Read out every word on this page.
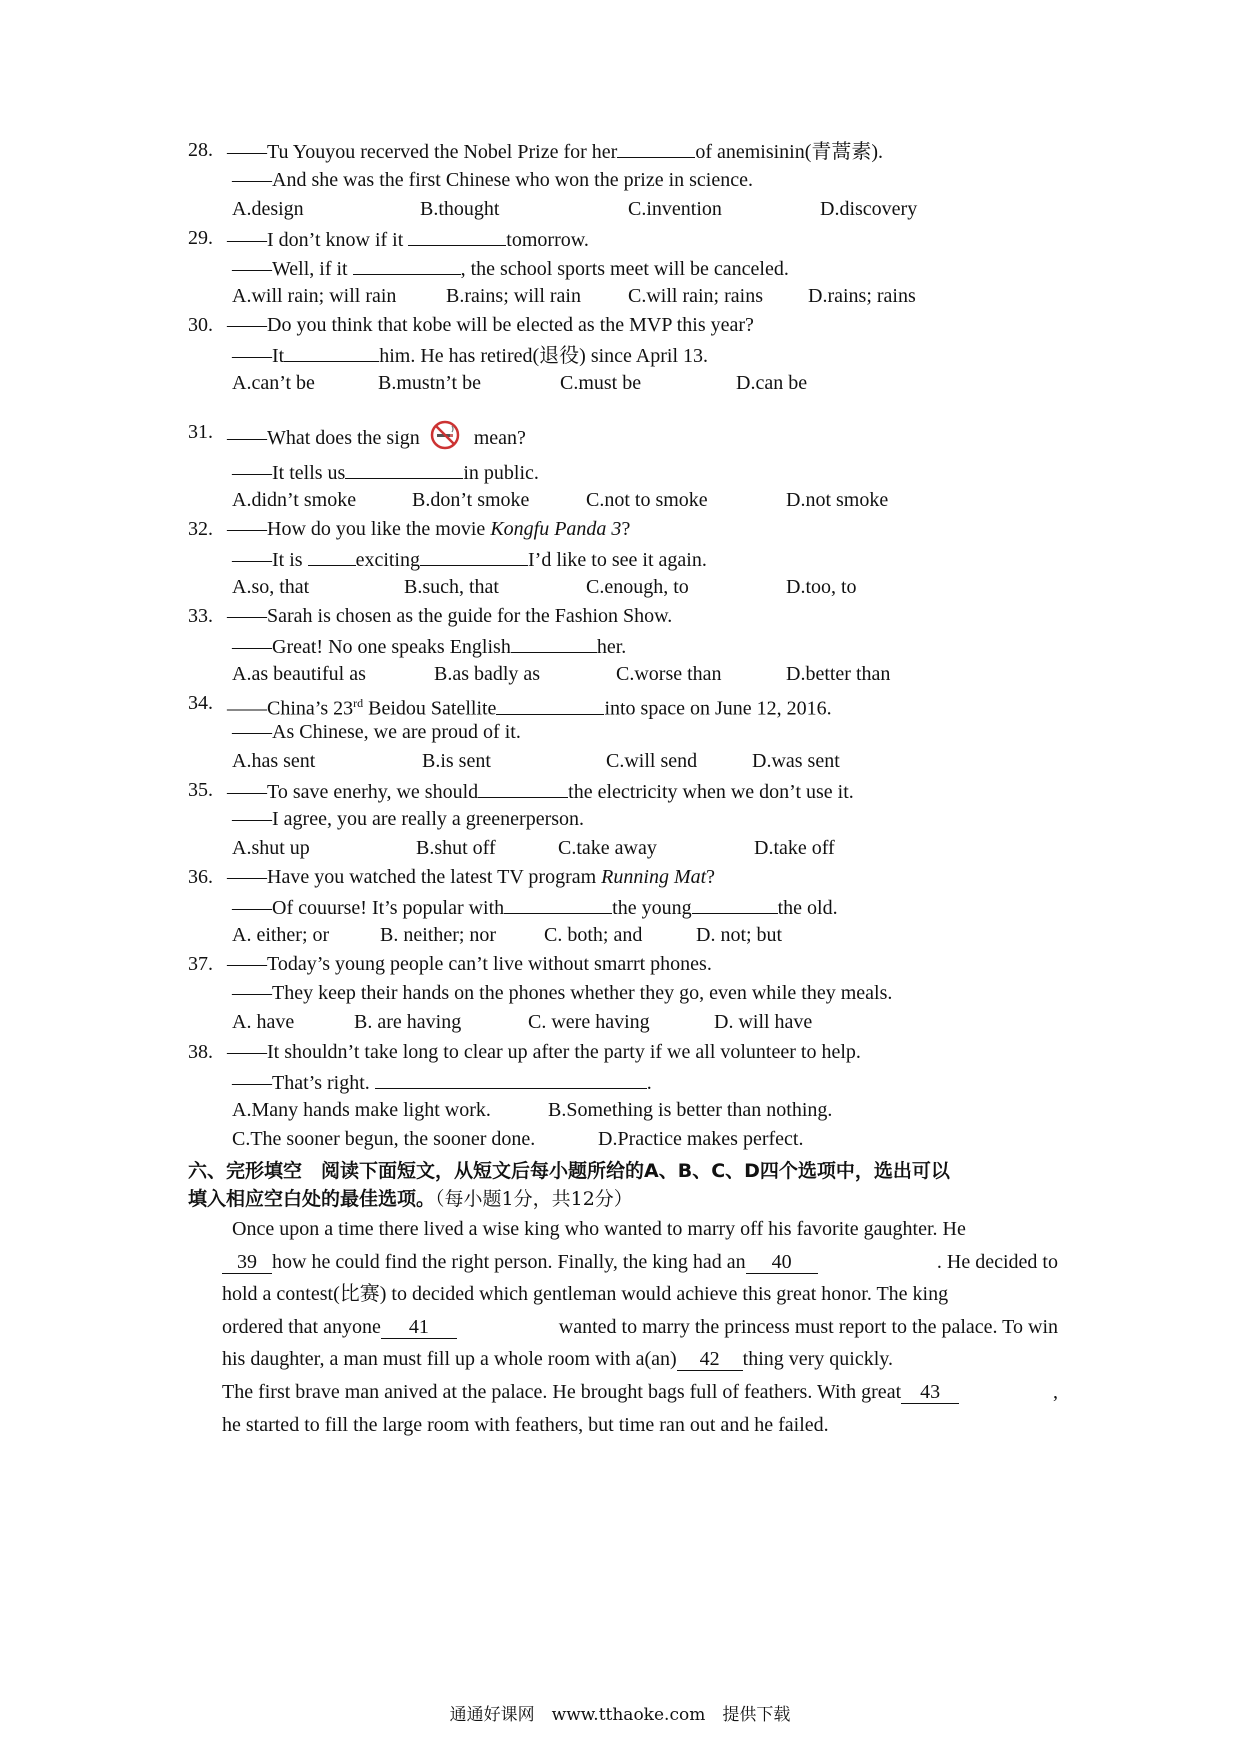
28. ——Tu Youyou recerved the Nobel Prize for her	of anemisinin(青蒿素).
——And she was the first Chinese who won the prize in science.
A.design	B.thought	C.invention	D.discovery
29. ——I don’t know if it	tomorrow.
——Well, if it	, the school sports meet will be canceled.
A.will rain; will rain B.rains; will rain C.will rain; rains D.rains; rains
30. ——Do you think that kobe will be elected as the MVP this year?
——It	him. He has retired(退役) since April 13.
A.can’t be	B.mustn’t be	C.must be	D.can be
31. ——What does the sign	mean?
——It tells us	in public.
A.didn’t smoke	B.don’t smoke	C.not to smoke	D.not smoke
32. ——How do you like the movie Kongfu Panda 3?
——It is exciting	I’d like to see it again.
A.so, that	B.such, that	C.enough, to	D.too, to
33. ——Sarah is chosen as the guide for the Fashion Show.
——Great! No one speaks English	her.
A.as beautiful as	B.as badly as	C.worse than	D.better than
34. ——China’s 23rd Beidou Satellite	into space on June 12, 2016.
——As Chinese, we are proud of it.
A.has sent	B.is sent	C.will send	D.was sent
35. ——To save enerhy, we should	the electricity when we don’t use it.
——I agree, you are really a greenerperson.
A.shut up	B.shut off	C.take away	D.take off
36. ——Have you watched the latest TV program Running Mat?
——Of couurse! It’s popular with	the young	the old.
A. either; or	B. neither; nor C. both; and	D. not; but
37. ——Today’s young people can’t live without smarrt phones.
——They keep their hands on the phones whether they go, even while they meals.
A. have	B. are having	C. were having	D. will have
38. ——It shouldn’t take long to clear up after the party if we all volunteer to help.
——That’s right.	.
A.Many hands make light work.	B.Something is better than nothing.
C.The sooner begun, the sooner done.	D.Practice makes perfect.
六、完形填空　阅读下面短文，从短文后每小题所给的A、B、C、D四个选项中，选出可以
填入相应空白处的最佳选项。（每小题1分，共12分）
Once upon a time there lived a wise king who wanted to marry off his favorite gaughter. He
39 how he could find the right person. Finally, the king had an 40	. He decided to
hold a contest(比赛) to decided which gentleman would achieve this great honor. The king
ordered that anyone 41	wanted to marry the princess must report to the palace. To win
his daughter, a man must fill up a whole room with a(an) 42 thing very quickly.
The first brave man anived at the palace. He brought bags full of feathers. With great 43	,
he started to fill the large room with feathers, but time ran out and he failed.
通通好课网　www.tthaoke.com　提供下载
